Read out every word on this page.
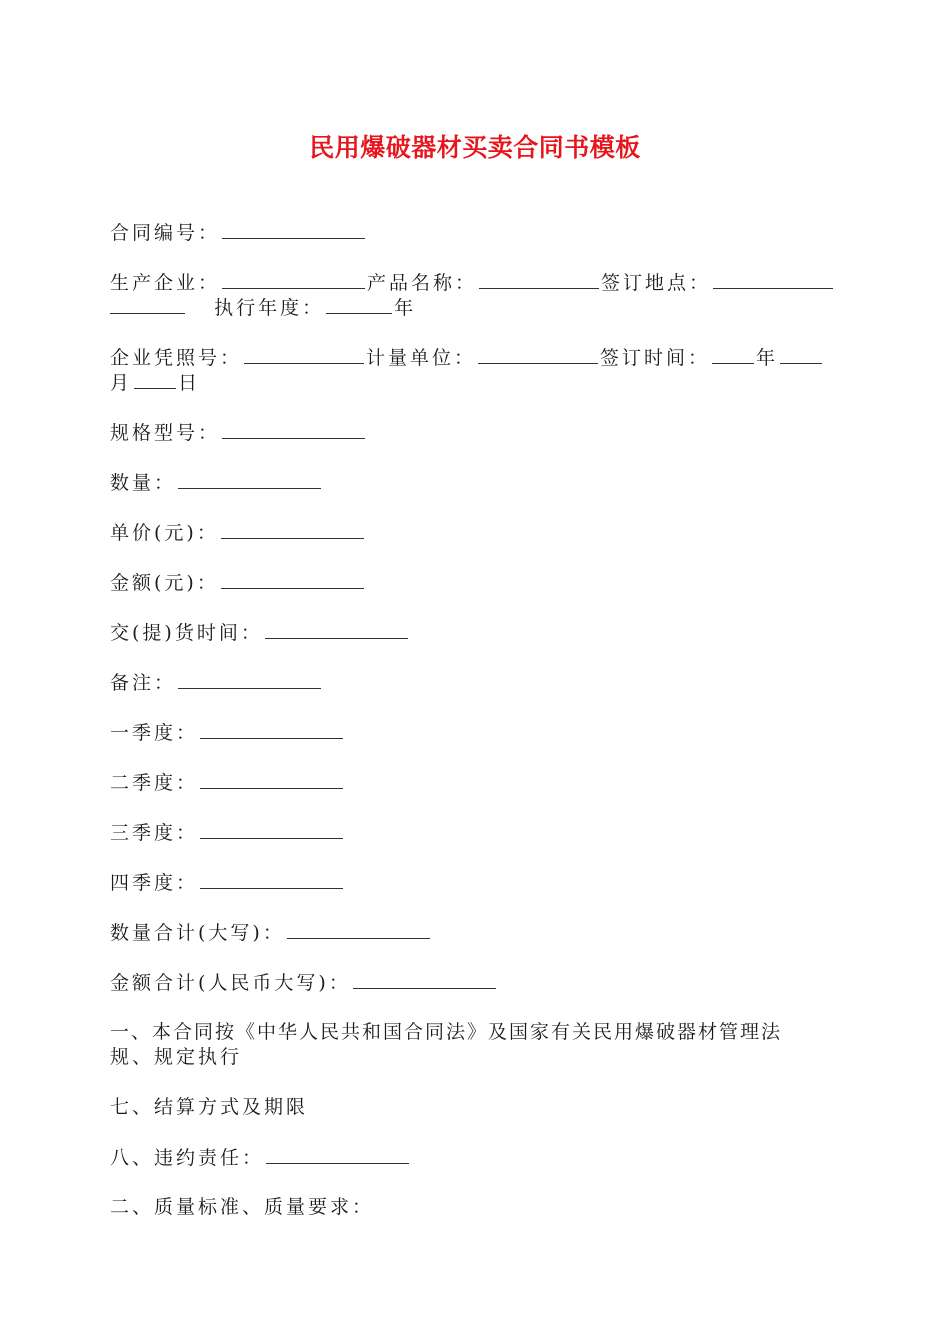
民用爆破器材买卖合同书模板
合同编号：
生产企业：	产品名称：	签订地点：
执行年度：	年
企业凭照号：	计量单位：	签订时间： 年
月 日
规格型号：
数量：
单价(元)：
金额(元)：
交(提)货时间：
备注：
一季度：
二季度：
三季度：
四季度：
数量合计(大写)：
金额合计(人民币大写)：
一、本合同按《中华人民共和国合同法》及国家有关民用爆破器材管理法
规、规定执行
七、结算方式及期限
八、违约责任：
二、质量标准、质量要求：
